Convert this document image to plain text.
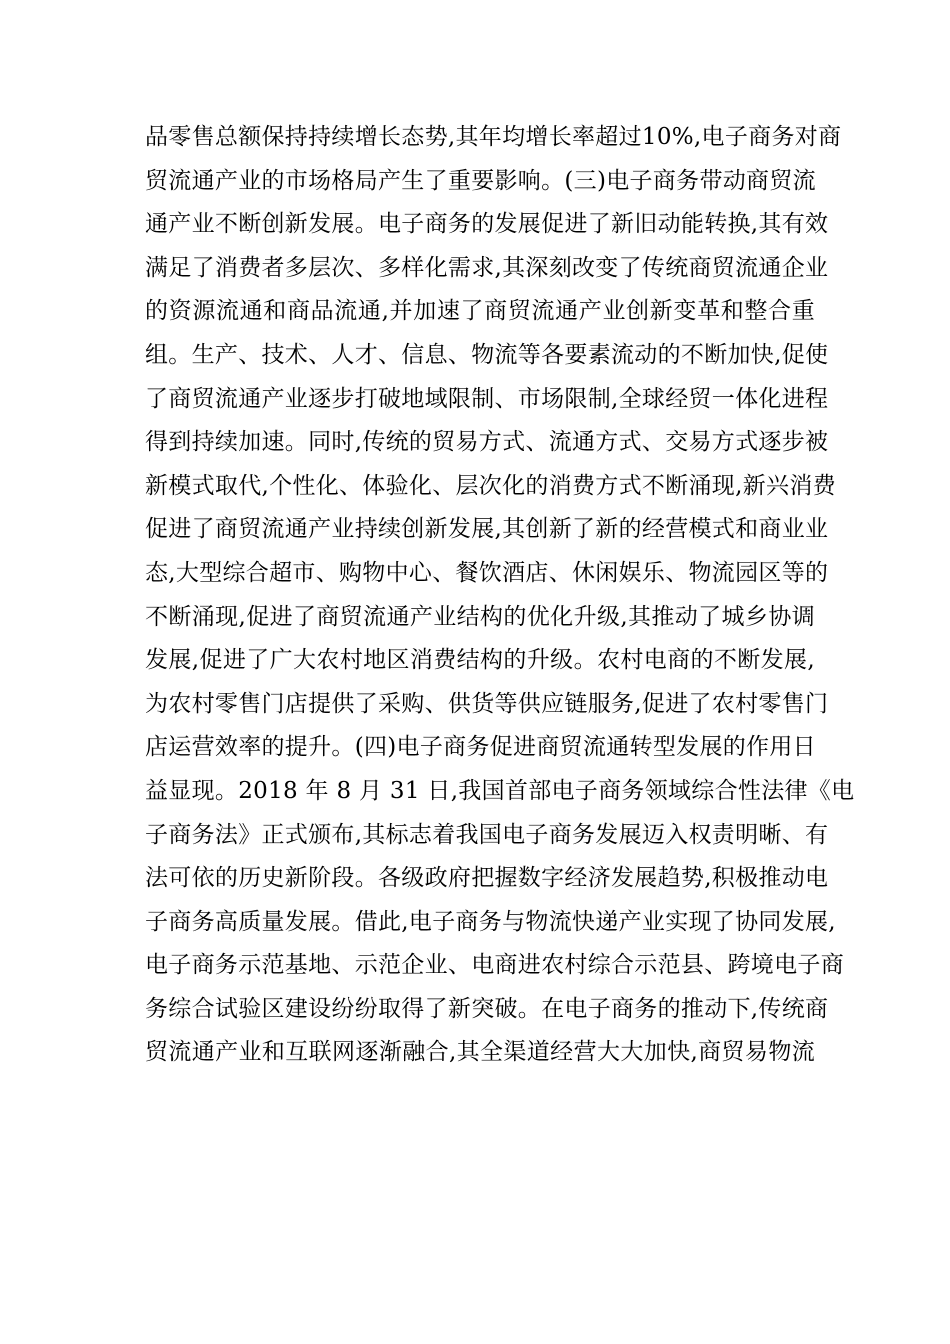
品零售总额保持持续增长态势,其年均增长率超过10%,电子商务对商
贸流通产业的市场格局产生了重要影响。(三)电子商务带动商贸流
通产业不断创新发展。电子商务的发展促进了新旧动能转换,其有效
满足了消费者多层次、多样化需求,其深刻改变了传统商贸流通企业
的资源流通和商品流通,并加速了商贸流通产业创新变革和整合重
组。生产、技术、人才、信息、物流等各要素流动的不断加快,促使
了商贸流通产业逐步打破地域限制、市场限制,全球经贸一体化进程
得到持续加速。同时,传统的贸易方式、流通方式、交易方式逐步被
新模式取代,个性化、体验化、层次化的消费方式不断涌现,新兴消费
促进了商贸流通产业持续创新发展,其创新了新的经营模式和商业业
态,大型综合超市、购物中心、餐饮酒店、休闲娱乐、物流园区等的
不断涌现,促进了商贸流通产业结构的优化升级,其推动了城乡协调
发展,促进了广大农村地区消费结构的升级。农村电商的不断发展,
为农村零售门店提供了采购、供货等供应链服务,促进了农村零售门
店运营效率的提升。(四)电子商务促进商贸流通转型发展的作用日
益显现。2018 年 8 月 31 日,我国首部电子商务领域综合性法律《电
子商务法》正式颁布,其标志着我国电子商务发展迈入权责明晰、有
法可依的历史新阶段。各级政府把握数字经济发展趋势,积极推动电
子商务高质量发展。借此,电子商务与物流快递产业实现了协同发展,
电子商务示范基地、示范企业、电商进农村综合示范县、跨境电子商
务综合试验区建设纷纷取得了新突破。在电子商务的推动下,传统商
贸流通产业和互联网逐渐融合,其全渠道经营大大加快,商贸易物流
